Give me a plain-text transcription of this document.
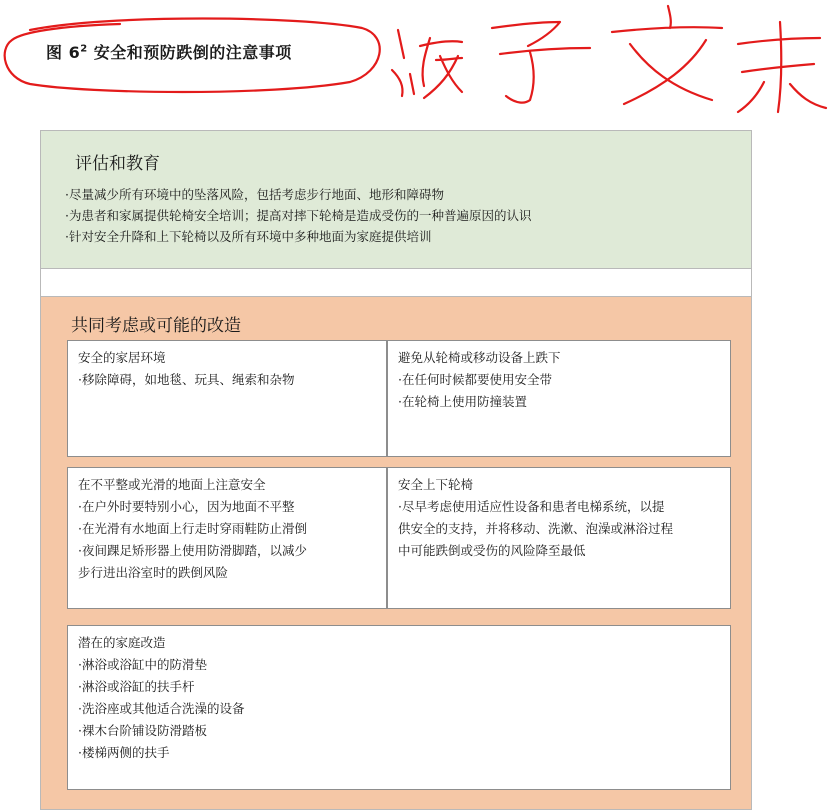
图 $6^2$ 安全和预防跌倒的注意事项
评估和教育
·尽量减少所有环境中的坠落风险，包括考虑步行地面、地形和障碍物
·为患者和家属提供轮椅安全培训；提高对摔下轮椅是造成受伤的一种普遍原因的认识
·针对安全升降和上下轮椅以及所有环境中多种地面为家庭提供培训
共同考虑或可能的改造

安全的家居环境

·移除障碍，如地毯、玩具、绳索和杂物

避免从轮椅或移动设备上跌下

·在任何时候都要使用安全带
·在轮椅上使用防撞装置

在不平整或光滑的地面上注意安全

·在户外时要特别小心，因为地面不平整
·在光滑有水地面上行走时穿雨鞋防止滑倒
·夜间踝足矫形器上使用防滑脚踏，以减少
步行进出浴室时的跌倒风险

安全上下轮椅

·尽早考虑使用适应性设备和患者电梯系统，以提
供安全的支持，并将移动、洗漱、泡澡或淋浴过程
中可能跌倒或受伤的风险降至最低

潜在的家庭改造

·淋浴或浴缸中的防滑垫
·淋浴或浴缸的扶手杆
·洗浴座或其他适合洗澡的设备
·裸木台阶铺设防滑踏板
·楼梯两侧的扶手
